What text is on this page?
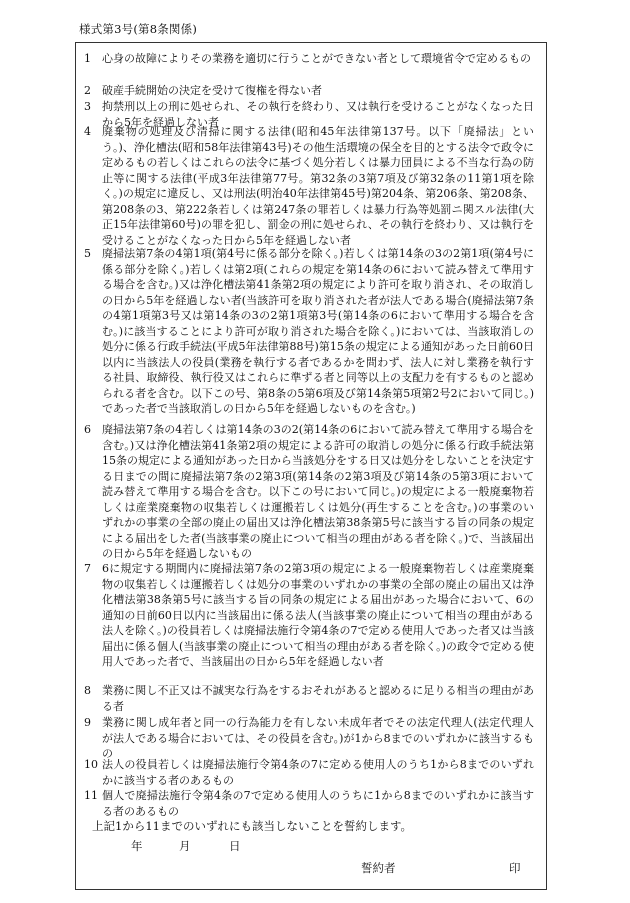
様式第3号(第8条関係)
1	心身の故障によりその業務を適切に行うことができない者として環境省令で定めるもの
2	破産手続開始の決定を受けて復権を得ない者
3	拘禁刑以上の刑に処せられ、その執行を終わり、又は執行を受けることがなくなった日から5年を経過しない者
4	廃棄物の処理及び清掃に関する法律(昭和45年法律第137号。以下「廃掃法」という。)、浄化槽法(昭和58年法律第43号)その他生活環境の保全を目的とする法令で政令に定めるもの若しくはこれらの法令に基づく処分若しくは暴力団員による不当な行為の防止等に関する法律(平成3年法律第77号。第32条の3第7項及び第32条の11第1項を除く。)の規定に違反し、又は刑法(明治40年法律第45号)第204条、第206条、第208条、第208条の3、第222条若しくは第247条の罪若しくは暴力行為等処罰ニ関スル法律(大正15年法律第60号)の罪を犯し、罰金の刑に処せられ、その執行を終わり、又は執行を受けることがなくなった日から5年を経過しない者
5	廃掃法第7条の4第1項(第4号に係る部分を除く。)若しくは第14条の3の2第1項(第4号に係る部分を除く。)若しくは第2項(これらの規定を第14条の6において読み替えて準用する場合を含む。)又は浄化槽法第41条第2項の規定により許可を取り消され、その取消しの日から5年を経過しない者(当該許可を取り消された者が法人である場合(廃掃法第7条の4第1項第3号又は第14条の3の2第1項第3号(第14条の6において準用する場合を含む。)に該当することにより許可が取り消された場合を除く。)においては、当該取消しの処分に係る行政手続法(平成5年法律第88号)第15条の規定による通知があった日前60日以内に当該法人の役員(業務を執行する者であるかを問わず、法人に対し業務を執行する社員、取締役、執行役又はこれらに準ずる者と同等以上の支配力を有するものと認められる者を含む。以下この号、第8条の5第6項及び第14条第5項第2号2において同じ。)であった者で当該取消しの日から5年を経過しないものを含む。)
6	廃掃法第7条の4若しくは第14条の3の2(第14条の6において読み替えて準用する場合を含む。)又は浄化槽法第41条第2項の規定による許可の取消しの処分に係る行政手続法第15条の規定による通知があった日から当該処分をする日又は処分をしないことを決定する日までの間に廃掃法第7条の2第3項(第14条の2第3項及び第14条の5第3項において読み替えて準用する場合を含む。以下この号において同じ。)の規定による一般廃棄物若しくは産業廃棄物の収集若しくは運搬若しくは処分(再生することを含む。)の事業のいずれかの事業の全部の廃止の届出又は浄化槽法第38条第5号に該当する旨の同条の規定による届出をした者(当該事業の廃止について相当の理由がある者を除く。)で、当該届出の日から5年を経過しないもの
7	6に規定する期間内に廃掃法第7条の2第3項の規定による一般廃棄物若しくは産業廃棄物の収集若しくは運搬若しくは処分の事業のいずれかの事業の全部の廃止の届出又は浄化槽法第38条第5号に該当する旨の同条の規定による届出があった場合において、6の通知の日前60日以内に当該届出に係る法人(当該事業の廃止について相当の理由がある法人を除く。)の役員若しくは廃掃法施行令第4条の7で定める使用人であった者又は当該届出に係る個人(当該事業の廃止について相当の理由がある者を除く。)の政令で定める使用人であった者で、当該届出の日から5年を経過しない者
8	業務に関し不正又は不誠実な行為をするおそれがあると認めるに足りる相当の理由がある者
9	業務に関し成年者と同一の行為能力を有しない未成年者でその法定代理人(法定代理人が法人である場合においては、その役員を含む。)が1から8までのいずれかに該当するもの
10 法人の役員若しくは廃掃法施行令第4条の7に定める使用人のうち1から8までのいずれかに該当する者のあるもの
11 個人で廃掃法施行令第4条の7で定める使用人のうちに1から8までのいずれかに該当する者のあるもの
上記1から11までのいずれにも該当しないことを誓約します。
年	月	日
誓約者	印
